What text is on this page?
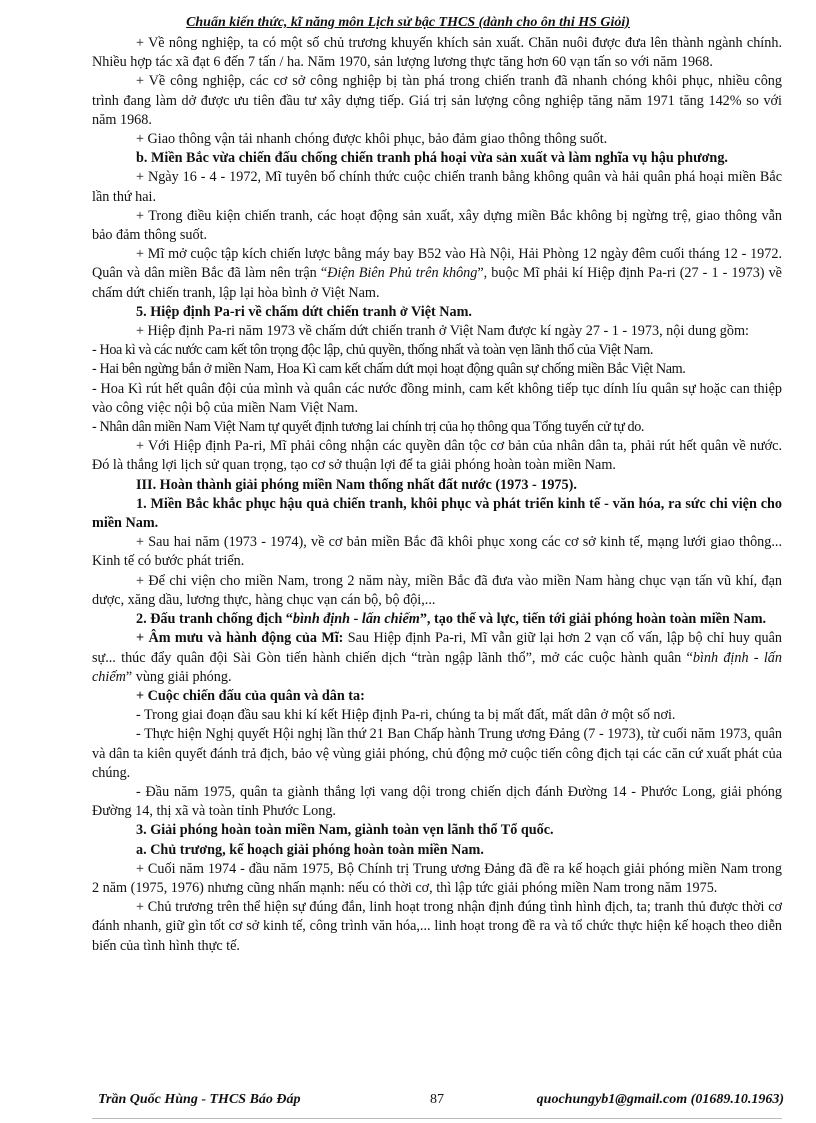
Chuẩn kiến thức, kĩ năng môn Lịch sử bậc THCS (dành cho ôn thi HS Giỏi)

+ Về nông nghiệp, ta có một số chủ trương khuyến khích sản xuất. Chăn nuôi được đưa lên thành ngành chính. Nhiều hợp tác xã đạt 6 đến 7 tấn / ha. Năm 1970, sản lượng lương thực tăng hơn 60 vạn tấn so với năm 1968.

+ Về công nghiệp, các cơ sở công nghiệp bị tàn phá trong chiến tranh đã nhanh chóng khôi phục, nhiều công trình đang làm dở được ưu tiên đầu tư xây dựng tiếp. Giá trị sản lượng công nghiệp tăng năm 1971 tăng 142% so với năm 1968.

+ Giao thông vận tải nhanh chóng được khôi phục, bảo đảm giao thông thông suốt.

b. Miền Bắc vừa chiến đấu chống chiến tranh phá hoại vừa sản xuất và làm nghĩa vụ hậu phương.

+ Ngày 16 - 4 - 1972, Mĩ tuyên bố chính thức cuộc chiến tranh bằng không quân và hải quân phá hoại miền Bắc lần thứ hai.

+ Trong điều kiện chiến tranh, các hoạt động sản xuất, xây dựng miền Bắc không bị ngừng trệ, giao thông vẫn bảo đảm thông suốt.

+ Mĩ mở cuộc tập kích chiến lược bằng máy bay B52 vào Hà Nội, Hải Phòng 12 ngày đêm cuối tháng 12 - 1972. Quân và dân miền Bắc đã làm nên trận “Điện Biên Phủ trên không”, buộc Mĩ phải kí Hiệp định Pa-ri (27 - 1 - 1973) về chấm dứt chiến tranh, lập lại hòa bình ở Việt Nam.

5. Hiệp định Pa-ri về chấm dứt chiến tranh ở Việt Nam.

+ Hiệp định Pa-ri năm 1973 về chấm dứt chiến tranh ở Việt Nam được kí ngày 27 - 1 - 1973, nội dung gồm:

- Hoa kì và các nước cam kết tôn trọng độc lập, chủ quyền, thống nhất và toàn vẹn lãnh thổ của Việt Nam.

- Hai bên ngừng bắn ở miền Nam, Hoa Kì cam kết chấm dứt mọi hoạt động quân sự chống miền Bắc Việt Nam.

- Hoa Kì rút hết quân đội của mình và quân các nước đồng minh, cam kết không tiếp tục dính líu quân sự hoặc can thiệp vào công việc nội bộ của miền Nam Việt Nam.

- Nhân dân miền Nam Việt Nam tự quyết định tương lai chính trị của họ thông qua Tổng tuyển cử tự do.

+ Với Hiệp định Pa-ri, Mĩ phải công nhận các quyền dân tộc cơ bản của nhân dân ta, phải rút hết quân về nước. Đó là thắng lợi lịch sử quan trọng, tạo cơ sở thuận lợi để ta giải phóng hoàn toàn miền Nam.

III. Hoàn thành giải phóng miền Nam thống nhất đất nước (1973 - 1975).

1. Miền Bắc khắc phục hậu quả chiến tranh, khôi phục và phát triển kinh tế - văn hóa, ra sức chi viện cho miền Nam.

+ Sau hai năm (1973 - 1974), về cơ bản miền Bắc đã khôi phục xong các cơ sở kinh tế, mạng lưới giao thông... Kinh tế có bước phát triển.

+ Để chi viện cho miền Nam, trong 2 năm này, miền Bắc đã đưa vào miền Nam hàng chục vạn tấn vũ khí, đạn dược, xăng dầu, lương thực, hàng chục vạn cán bộ, bộ đội,...

2. Đấu tranh chống địch “bình định - lấn chiếm”, tạo thế và lực, tiến tới giải phóng hoàn toàn miền Nam.

+ Âm mưu và hành động của Mĩ: Sau Hiệp định Pa-ri, Mĩ vẫn giữ lại hơn 2 vạn cố vấn, lập bộ chỉ huy quân sự... thúc đẩy quân đội Sài Gòn tiến hành chiến dịch “tràn ngập lãnh thổ”, mở các cuộc hành quân “bình định - lấn chiếm” vùng giải phóng.

+ Cuộc chiến đấu của quân và dân ta:

- Trong giai đoạn đầu sau khi kí kết Hiệp định Pa-ri, chúng ta bị mất đất, mất dân ở một số nơi.

- Thực hiện Nghị quyết Hội nghị lần thứ 21 Ban Chấp hành Trung ương Đảng (7 - 1973), từ cuối năm 1973, quân và dân ta kiên quyết đánh trả địch, bảo vệ vùng giải phóng, chủ động mở cuộc tiến công địch tại các căn cứ xuất phát của chúng.

- Đầu năm 1975, quân ta giành thắng lợi vang dội trong chiến dịch đánh Đường 14 - Phước Long, giải phóng Đường 14, thị xã và toàn tỉnh Phước Long.

3. Giải phóng hoàn toàn miền Nam, giành toàn vẹn lãnh thổ Tổ quốc.

a. Chủ trương, kế hoạch giải phóng hoàn toàn miền Nam.

+ Cuối năm 1974 - đầu năm 1975, Bộ Chính trị Trung ương Đảng đã đề ra kế hoạch giải phóng miền Nam trong 2 năm (1975, 1976) nhưng cũng nhấn mạnh: nếu có thời cơ, thì lập tức giải phóng miền Nam trong năm 1975.

+ Chủ trương trên thể hiện sự đúng đắn, linh hoạt trong nhận định đúng tình hình địch, ta; tranh thủ được thời cơ đánh nhanh, giữ gìn tốt cơ sở kinh tế, công trình văn hóa,... linh hoạt trong đề ra và tổ chức thực hiện kế hoạch theo diễn biến của tình hình thực tế.

Trần Quốc Hùng - THCS Báo Đáp	87	quochungyb1@gmail.com (01689.10.1963)
